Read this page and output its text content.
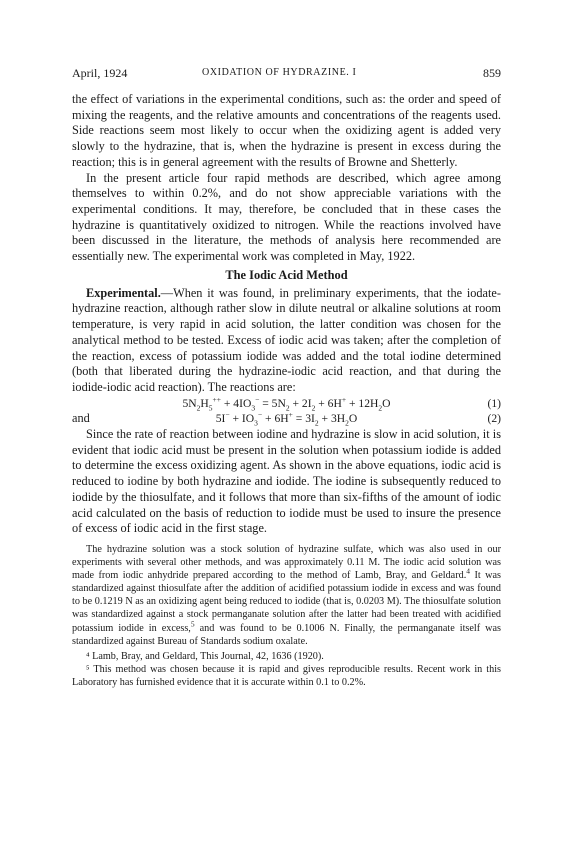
April, 1924	OXIDATION OF HYDRAZINE. I	859

the effect of variations in the experimental conditions, such as: the order and speed of mixing the reagents, and the relative amounts and concentrations of the reagents used. Side reactions seem most likely to occur when the oxidizing agent is added very slowly to the hydrazine, that is, when the hydrazine is present in excess during the reaction; this is in general agreement with the results of Browne and Shetterly.

In the present article four rapid methods are described, which agree among themselves to within 0.2%, and do not show appreciable variations with the experimental conditions. It may, therefore, be concluded that in these cases the hydrazine is quantitatively oxidized to nitrogen. While the reactions involved have been discussed in the literature, the methods of analysis here recommended are essentially new. The experimental work was completed in May, 1922.

The Iodic Acid Method

Experimental.—When it was found, in preliminary experiments, that the iodate-hydrazine reaction, although rather slow in dilute neutral or alkaline solutions at room temperature, is very rapid in acid solution, the latter condition was chosen for the analytical method to be tested. Excess of iodic acid was taken; after the completion of the reaction, excess of potassium iodide was added and the total iodine determined (both that liberated during the hydrazine-iodic acid reaction, and that during the iodide-iodic acid reaction). The reactions are:

$5N_2H_5^{++} + 4IO_3^- = 5N_2 + 2I_2 + 6H^+ + 12H_2O$	(1)
and	$5I^- + IO_3^- + 6H^+ = 3I_2 + 3H_2O$	(2)

Since the rate of reaction between iodine and hydrazine is slow in acid solution, it is evident that iodic acid must be present in the solution when potassium iodide is added to determine the excess oxidizing agent. As shown in the above equations, iodic acid is reduced to iodine by both hydrazine and iodide. The iodine is subsequently reduced to iodide by the thiosulfate, and it follows that more than six-fifths of the amount of iodic acid calculated on the basis of reduction to iodide must be used to insure the presence of excess of iodic acid in the first stage.

The hydrazine solution was a stock solution of hydrazine sulfate, which was also used in our experiments with several other methods, and was approximately 0.11 M. The iodic acid solution was made from iodic anhydride prepared according to the method of Lamb, Bray, and Geldard.$^4$ It was standardized against thiosulfate after the addition of acidified potassium iodide in excess and was found to be 0.1219 N as an oxidizing agent being reduced to iodide (that is, 0.0203 M). The thiosulfate solution was standardized against a stock permanganate solution after the latter had been treated with acidified potassium iodide in excess,$^5$ and was found to be 0.1006 N. Finally, the permanganate itself was standardized against Bureau of Standards sodium oxalate.

⁴ Lamb, Bray, and Geldard, This Journal, 42, 1636 (1920).

⁵ This method was chosen because it is rapid and gives reproducible results. Recent work in this Laboratory has furnished evidence that it is accurate within 0.1 to 0.2%.
